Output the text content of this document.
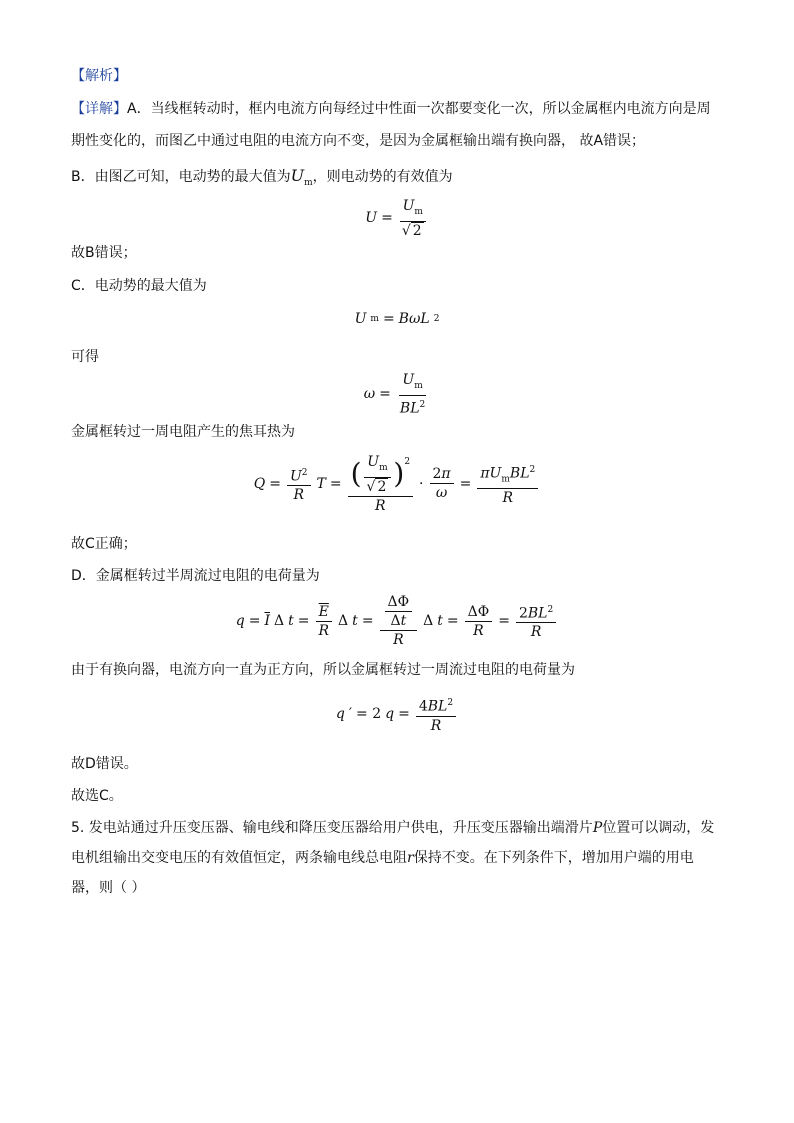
【解析】
【详解】A．当线框转动时，框内电流方向每经过中性面一次都要变化一次，所以金属框内电流方向是周
期性变化的，而图乙中通过电阻的电流方向不变，是因为金属框输出端有换向器， 故A错误；
B．由图乙可知，电动势的最大值为$U_m$，则电动势的有效值为
$U = \frac{U_m}{√ 2}$
故B错误；
C．电动势的最大值为
U m = BωL 2
可得
$\omega = \frac{U_m}{BL^2}$
金属框转过一周电阻产生的焦耳热为
$Q = \frac{U^2}{R}$ $T = \frac{( \frac{U_m}{√ 2} )^2}{R} \cdot \frac{2\pi}{\omega} = \frac{\pi U_mBL^2}{R}$
故C正确；
D．金属框转过半周流过电阻的电荷量为
$q = \overline{I}$ Δ $t = \frac{\overline{E}}{R}$ Δ $t = \frac{\frac{\Delta\Phi}{\Delta t}}{R}$ Δ $t = \frac{\Delta\Phi}{R} = \frac{2BL^2}{R}$
由于有换向器，电流方向一直为正方向，所以金属框转过一周流过电阻的电荷量为
q ′ = 2 $q = \frac{4BL^2}{R}$
故D错误。
故选C。
5. 发电站通过升压变压器、输电线和降压变压器给用户供电，升压变压器输出端滑片P位置可以调动，发
电机组输出交变电压的有效值恒定，两条输电线总电阻r保持不变。在下列条件下，增加用户端的用电
器，则（ ）
